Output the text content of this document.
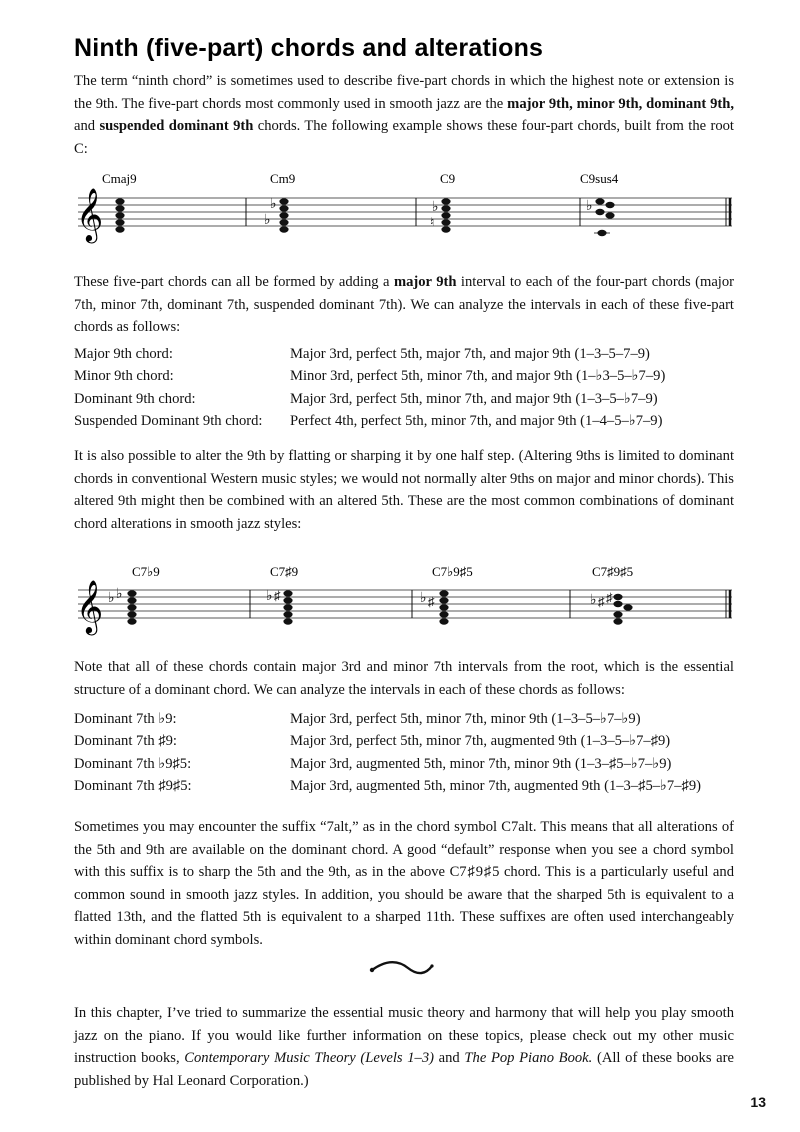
Ninth (five-part) chords and alterations

The term “ninth chord” is sometimes used to describe five-part chords in which the highest note or extension is the 9th. The five-part chords most commonly used in smooth jazz are the major 9th, minor 9th, dominant 9th, and suspended dominant 9th chords. The following example shows these four-part chords, built from the root C:

Cmaj9	Cm9	C9	C9sus4
𝄞	♭
♭
♭
♮
♭

These five-part chords can all be formed by adding a major 9th interval to each of the four-part chords (major 7th, minor 7th, dominant 7th, suspended dominant 7th). We can analyze the intervals in each of these five-part chords as follows:

Major 9th chord:	Major 3rd, perfect 5th, major 7th, and major 9th (1–3–5–7–9)
Minor 9th chord:	Minor 3rd, perfect 5th, minor 7th, and major 9th (1–♭3–5–♭7–9)
Dominant 9th chord:	Major 3rd, perfect 5th, minor 7th, and major 9th (1–3–5–♭7–9)
Suspended Dominant 9th chord: Perfect 4th, perfect 5th, minor 7th, and major 9th (1–4–5–♭7–9)

It is also possible to alter the 9th by flatting or sharping it by one half step. (Altering 9ths is limited to dominant chords in conventional Western music styles; we would not normally alter 9ths on major and minor chords). This altered 9th might then be combined with an altered 5th. These are the most common combinations of dominant chord alterations in smooth jazz styles:

C7♭9	C7♯9	C7♭9♯5	C7♯9♯5
𝄞 ♭ ♭	♭ ♯	♭ ♯	♭ ♯ ♯

Note that all of these chords contain major 3rd and minor 7th intervals from the root, which is the essential structure of a dominant chord. We can analyze the intervals in each of these chords as follows:

Dominant 7th ♭9:	Major 3rd, perfect 5th, minor 7th, minor 9th (1–3–5–♭7–♭9)
Dominant 7th ♯9:	Major 3rd, perfect 5th, minor 7th, augmented 9th (1–3–5–♭7–♯9)
Dominant 7th ♭9♯5:	Major 3rd, augmented 5th, minor 7th, minor 9th (1–3–♯5–♭7–♭9)
Dominant 7th ♯9♯5:	Major 3rd, augmented 5th, minor 7th, augmented 9th (1–3–♯5–♭7–♯9)

Sometimes you may encounter the suffix “7alt,” as in the chord symbol C7alt. This means that all alterations of the 5th and 9th are available on the dominant chord. A good “default” response when you see a chord symbol with this suffix is to sharp the 5th and the 9th, as in the above C7♯9♯5 chord. This is a particularly useful and common sound in smooth jazz styles. In addition, you should be aware that the sharped 5th is equivalent to a flatted 13th, and the flatted 5th is equivalent to a sharped 11th. These suffixes are often used interchangeably within dominant chord symbols.

In this chapter, I’ve tried to summarize the essential music theory and harmony that will help you play smooth jazz on the piano. If you would like further information on these topics, please check out my other music instruction books, Contemporary Music Theory (Levels 1–3) and The Pop Piano Book. (All of these books are published by Hal Leonard Corporation.)

13
